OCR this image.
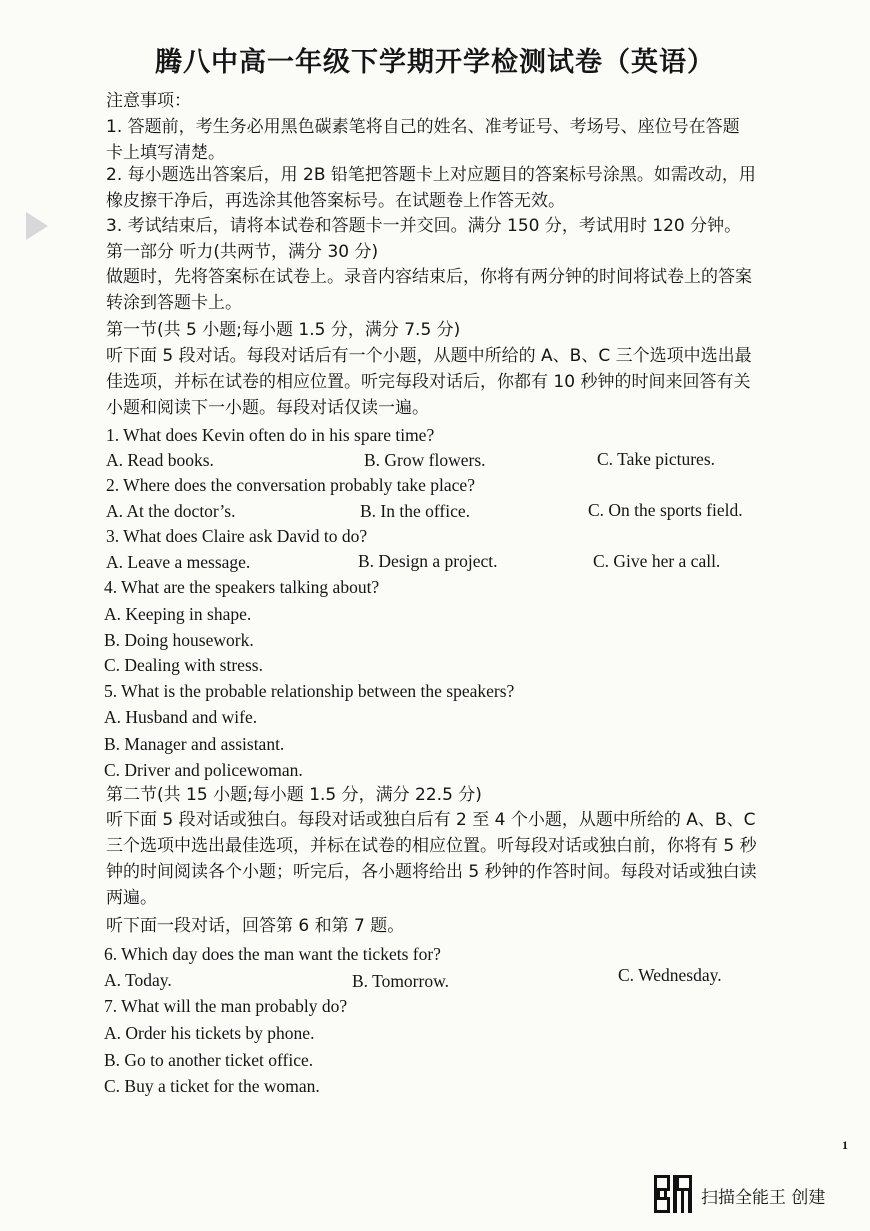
腾八中高一年级下学期开学检测试卷（英语）
注意事项：
1. 答题前，考生务必用黑色碳素笔将自己的姓名、准考证号、考场号、座位号在答题
卡上填写清楚。
2. 每小题选出答案后，用 2B 铅笔把答题卡上对应题目的答案标号涂黑。如需改动，用
橡皮擦干净后，再选涂其他答案标号。在试题卷上作答无效。
3. 考试结束后，请将本试卷和答题卡一并交回。满分 150 分，考试用时 120 分钟。
第一部分 听力(共两节，满分 30 分)
做题时，先将答案标在试卷上。录音内容结束后，你将有两分钟的时间将试卷上的答案
转涂到答题卡上。
第一节(共 5 小题;每小题 1.5 分，满分 7.5 分)
听下面 5 段对话。每段对话后有一个小题，从题中所给的 A、B、C 三个选项中选出最
佳选项，并标在试卷的相应位置。听完每段对话后，你都有 10 秒钟的时间来回答有关
小题和阅读下一小题。每段对话仅读一遍。
1. What does Kevin often do in his spare time?
A. Read books.	B. Grow flowers.	C. Take pictures.
2. Where does the conversation probably take place?
A. At the doctor’s.	B. In the office.	C. On the sports field.
3. What does Claire ask David to do?
A. Leave a message.	B. Design a project.	C. Give her a call.
4. What are the speakers talking about?
A. Keeping in shape.
B. Doing housework.
C. Dealing with stress.
5. What is the probable relationship between the speakers?
A. Husband and wife.
B. Manager and assistant.
C. Driver and policewoman.
第二节(共 15 小题;每小题 1.5 分，满分 22.5 分)
听下面 5 段对话或独白。每段对话或独白后有 2 至 4 个小题，从题中所给的 A、B、C
三个选项中选出最佳选项，并标在试卷的相应位置。听每段对话或独白前，你将有 5 秒
钟的时间阅读各个小题；听完后，各小题将给出 5 秒钟的作答时间。每段对话或独白读
两遍。
听下面一段对话，回答第 6 和第 7 题。
6. Which day does the man want the tickets for?
A. Today.	B. Tomorrow.	C. Wednesday.
7. What will the man probably do?
A. Order his tickets by phone.
B. Go to another ticket office.
C. Buy a ticket for the woman.
1
扫描全能王 创建
